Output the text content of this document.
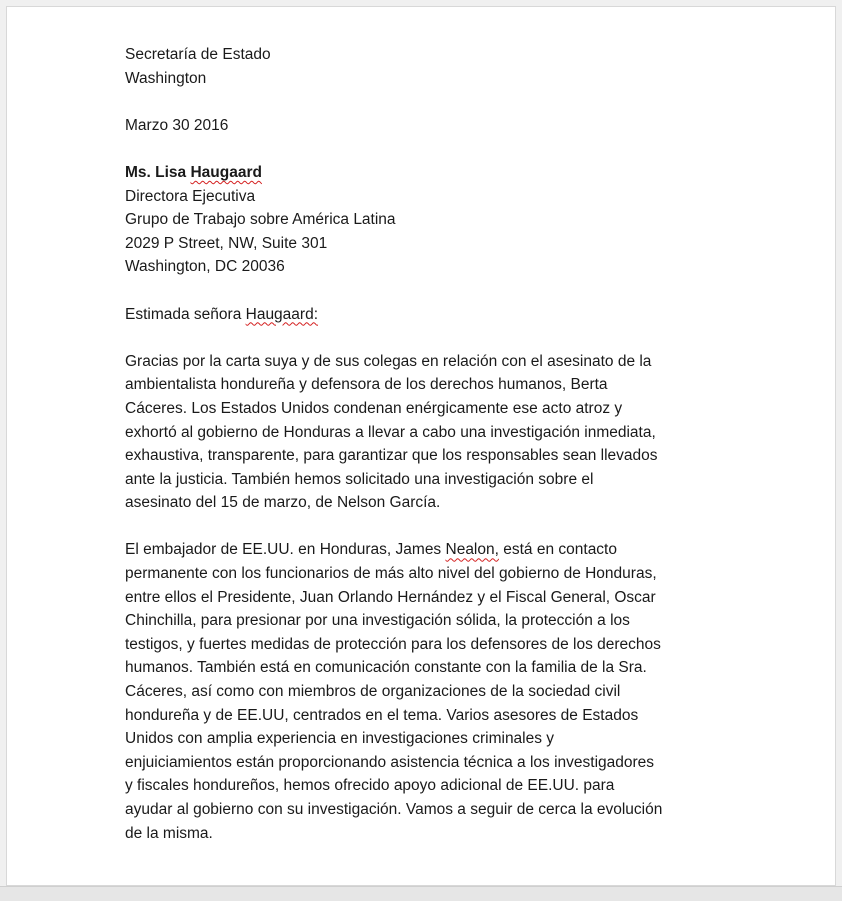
Secretaría de Estado
Washington
Marzo 30 2016
Ms. Lisa Haugaard
Directora Ejecutiva
Grupo de Trabajo sobre América Latina
2029 P Street, NW, Suite 301
Washington, DC 20036
Estimada señora Haugaard:
Gracias por la carta suya y de sus colegas en relación con el asesinato de la
ambientalista hondureña y defensora de los derechos humanos, Berta
Cáceres. Los Estados Unidos condenan enérgicamente ese acto atroz y
exhortó al gobierno de Honduras a llevar a cabo una investigación inmediata,
exhaustiva, transparente, para garantizar que los responsables sean llevados
ante la justicia. También hemos solicitado una investigación sobre el
asesinato del 15 de marzo, de Nelson García.
El embajador de EE.UU. en Honduras, James Nealon, está en contacto
permanente con los funcionarios de más alto nivel del gobierno de Honduras,
entre ellos el Presidente, Juan Orlando Hernández y el Fiscal General, Oscar
Chinchilla, para presionar por una investigación sólida, la protección a los
testigos, y fuertes medidas de protección para los defensores de los derechos
humanos. También está en comunicación constante con la familia de la Sra.
Cáceres, así como con miembros de organizaciones de la sociedad civil
hondureña y de EE.UU, centrados en el tema. Varios asesores de Estados
Unidos con amplia experiencia en investigaciones criminales y
enjuiciamientos están proporcionando asistencia técnica a los investigadores
y fiscales hondureños, hemos ofrecido apoyo adicional de EE.UU. para
ayudar al gobierno con su investigación. Vamos a seguir de cerca la evolución
de la misma.
